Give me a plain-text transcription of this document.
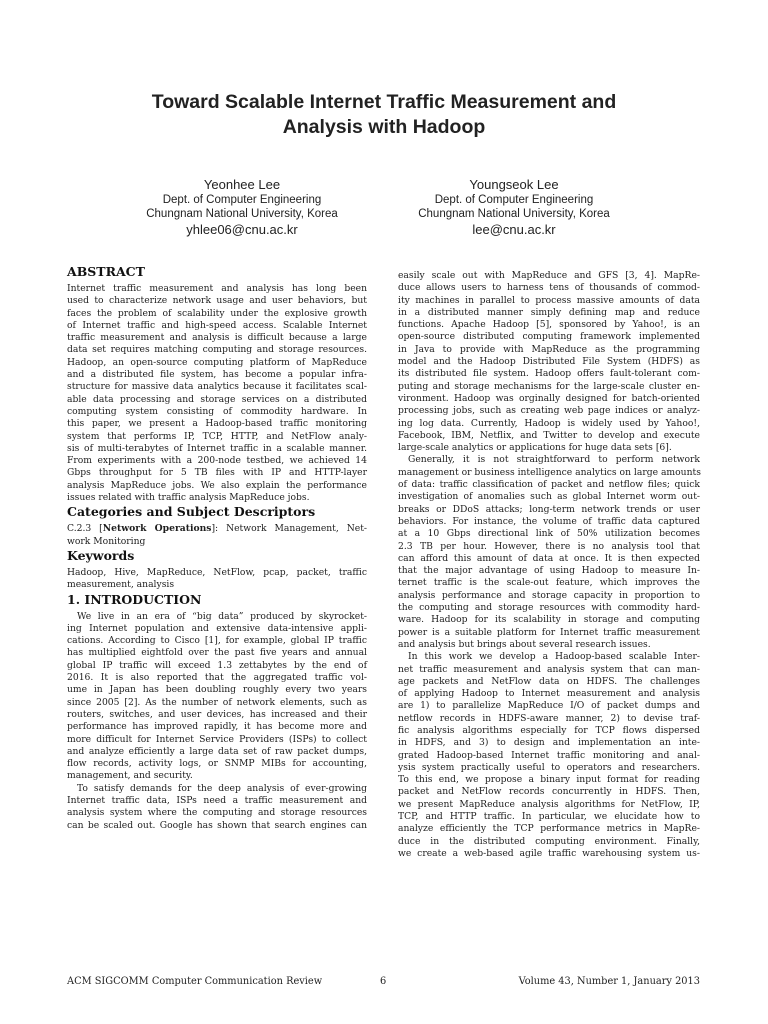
Toward Scalable Internet Traffic Measurement and
Analysis with Hadoop
Yeonhee Lee
Dept. of Computer Engineering
Chungnam National University, Korea
yhlee06@cnu.ac.kr
Youngseok Lee
Dept. of Computer Engineering
Chungnam National University, Korea
lee@cnu.ac.kr
ABSTRACT
Internet traffic measurement and analysis has long been
used to characterize network usage and user behaviors, but
faces the problem of scalability under the explosive growth
of Internet traffic and high-speed access. Scalable Internet
traffic measurement and analysis is difficult because a large
data set requires matching computing and storage resources.
Hadoop, an open-source computing platform of MapReduce
and a distributed file system, has become a popular infra-
structure for massive data analytics because it facilitates scal-
able data processing and storage services on a distributed
computing system consisting of commodity hardware. In
this paper, we present a Hadoop-based traffic monitoring
system that performs IP, TCP, HTTP, and NetFlow analy-
sis of multi-terabytes of Internet traffic in a scalable manner.
From experiments with a 200-node testbed, we achieved 14
Gbps throughput for 5 TB files with IP and HTTP-layer
analysis MapReduce jobs. We also explain the performance
issues related with traffic analysis MapReduce jobs.
Categories and Subject Descriptors
C.2.3 [Network Operations]: Network Management, Net-
work Monitoring
Keywords
Hadoop, Hive, MapReduce, NetFlow, pcap, packet, traffic
measurement, analysis
1. INTRODUCTION
We live in an era of “big data” produced by skyrocket-
ing Internet population and extensive data-intensive appli-
cations. According to Cisco [1], for example, global IP traffic
has multiplied eightfold over the past five years and annual
global IP traffic will exceed 1.3 zettabytes by the end of
2016. It is also reported that the aggregated traffic vol-
ume in Japan has been doubling roughly every two years
since 2005 [2]. As the number of network elements, such as
routers, switches, and user devices, has increased and their
performance has improved rapidly, it has become more and
more difficult for Internet Service Providers (ISPs) to collect
and analyze efficiently a large data set of raw packet dumps,
flow records, activity logs, or SNMP MIBs for accounting,
management, and security.
To satisfy demands for the deep analysis of ever-growing
Internet traffic data, ISPs need a traffic measurement and
analysis system where the computing and storage resources
can be scaled out. Google has shown that search engines can
easily scale out with MapReduce and GFS [3, 4]. MapRe-
duce allows users to harness tens of thousands of commod-
ity machines in parallel to process massive amounts of data
in a distributed manner simply defining map and reduce
functions. Apache Hadoop [5], sponsored by Yahoo!, is an
open-source distributed computing framework implemented
in Java to provide with MapReduce as the programming
model and the Hadoop Distributed File System (HDFS) as
its distributed file system. Hadoop offers fault-tolerant com-
puting and storage mechanisms for the large-scale cluster en-
vironment. Hadoop was orginally designed for batch-oriented
processing jobs, such as creating web page indices or analyz-
ing log data. Currently, Hadoop is widely used by Yahoo!,
Facebook, IBM, Netflix, and Twitter to develop and execute
large-scale analytics or applications for huge data sets [6].
Generally, it is not straightforward to perform network
management or business intelligence analytics on large amounts
of data: traffic classification of packet and netflow files; quick
investigation of anomalies such as global Internet worm out-
breaks or DDoS attacks; long-term network trends or user
behaviors. For instance, the volume of traffic data captured
at a 10 Gbps directional link of 50% utilization becomes
2.3 TB per hour. However, there is no analysis tool that
can afford this amount of data at once. It is then expected
that the major advantage of using Hadoop to measure In-
ternet traffic is the scale-out feature, which improves the
analysis performance and storage capacity in proportion to
the computing and storage resources with commodity hard-
ware. Hadoop for its scalability in storage and computing
power is a suitable platform for Internet traffic measurement
and analysis but brings about several research issues.
In this work we develop a Hadoop-based scalable Inter-
net traffic measurement and analysis system that can man-
age packets and NetFlow data on HDFS. The challenges
of applying Hadoop to Internet measurement and analysis
are 1) to parallelize MapReduce I/O of packet dumps and
netflow records in HDFS-aware manner, 2) to devise traf-
fic analysis algorithms especially for TCP flows dispersed
in HDFS, and 3) to design and implementation an inte-
grated Hadoop-based Internet traffic monitoring and anal-
ysis system practically useful to operators and researchers.
To this end, we propose a binary input format for reading
packet and NetFlow records concurrently in HDFS. Then,
we present MapReduce analysis algorithms for NetFlow, IP,
TCP, and HTTP traffic. In particular, we elucidate how to
analyze efficiently the TCP performance metrics in MapRe-
duce in the distributed computing environment. Finally,
we create a web-based agile traffic warehousing system us-
ACM SIGCOMM Computer Communication Review	6	Volume 43, Number 1, January 2013
